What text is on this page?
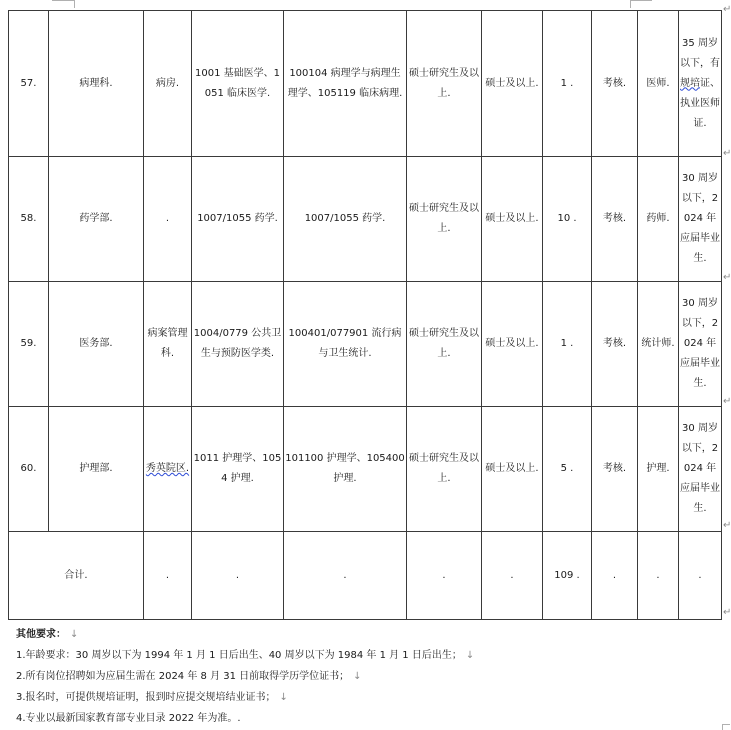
57.	病理科.	病房.	1001 基础医学、1051 临床医学.	100104 病理学与病理生理学、105119 临床病理.	硕士研究生及以上.	硕士及以上.	1 .	考核.	医师.	35 周岁以下，有规培证、执业医师证.
58.	药学部.	.	1007/1055 药学.	1007/1055 药学.	硕士研究生及以上.	硕士及以上.	10 .	考核.	药师.	30 周岁以下，2024 年应届毕业生.
59.	医务部.	病案管理科.	1004/0779 公共卫生与预防医学类.	100401/077901 流行病与卫生统计.	硕士研究生及以上.	硕士及以上.	1 .	考核.	统计师.	30 周岁以下，2024 年应届毕业生.
60.	护理部.	秀英院区.	1011 护理学、1054 护理.	101100 护理学、105400 护理.	硕士研究生及以上.	硕士及以上.	5 .	考核.	护理.	30 周岁以下，2024 年应届毕业生.
合计.		.	.	.	.	.	109 .	.	.	.
↵
↵
↵
↵
↵
↵
其他要求： ↓
1.年龄要求：30 周岁以下为 1994 年 1 月 1 日后出生、40 周岁以下为 1984 年 1 月 1 日后出生； ↓
2.所有岗位招聘如为应届生需在 2024 年 8 月 31 日前取得学历学位证书； ↓
3.报名时，可提供规培证明，报到时应提交规培结业证书； ↓
4.专业以最新国家教育部专业目录 2022 年为准。.
